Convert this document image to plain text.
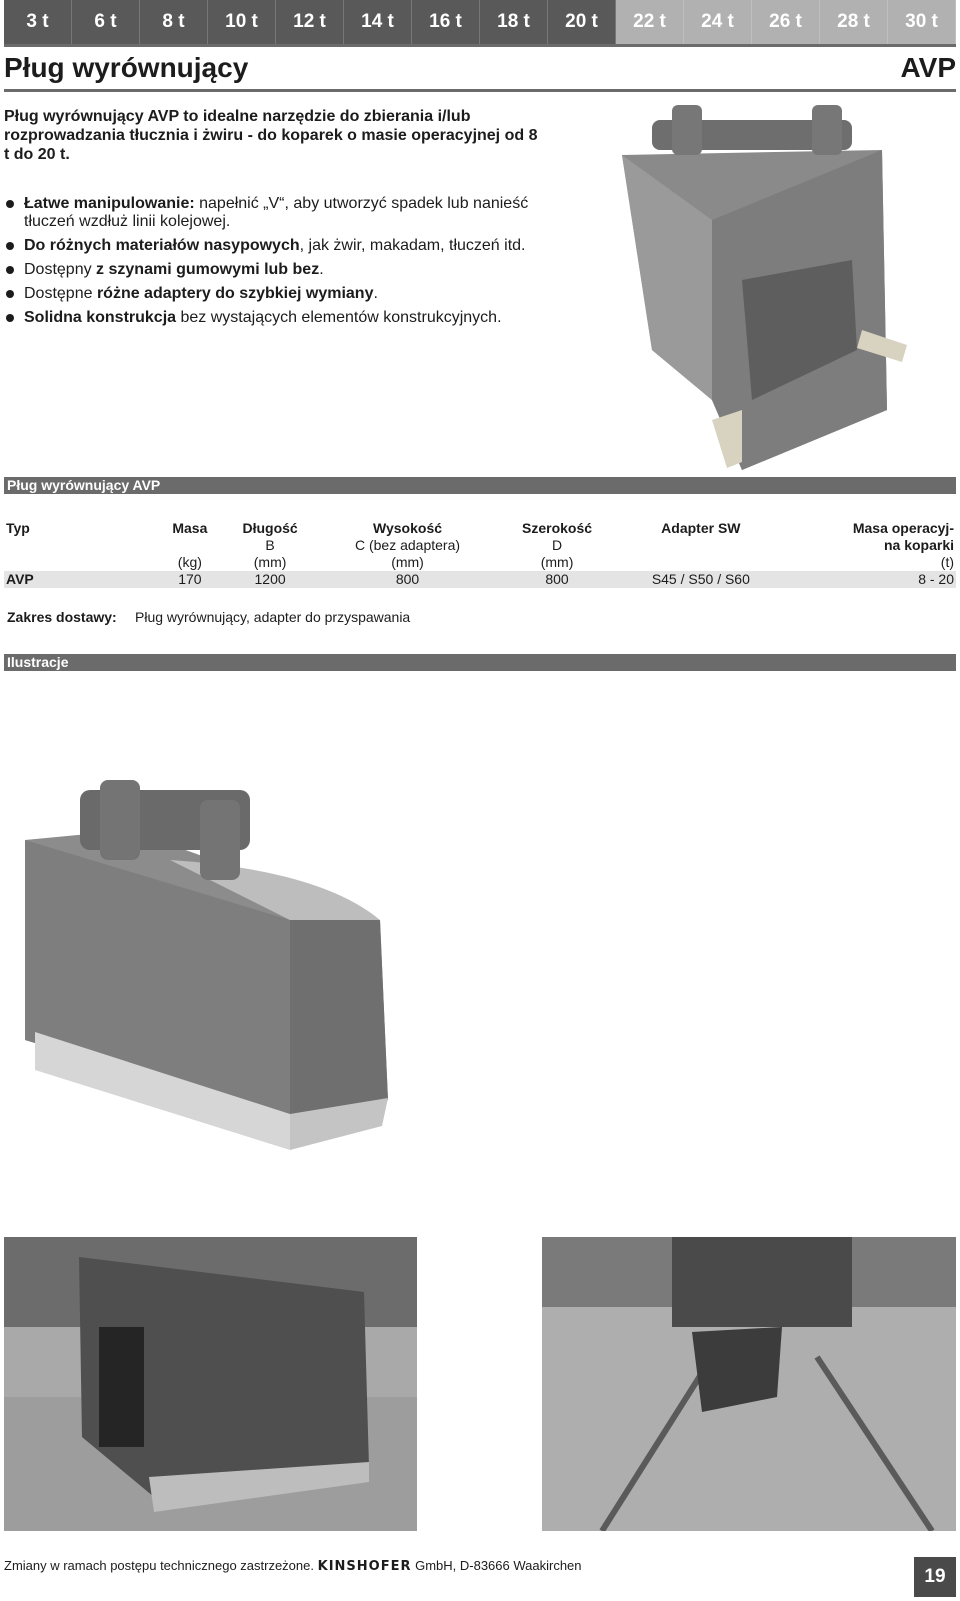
3 t	6 t	8 t	10 t	12 t	14 t	16 t	18 t	20 t	22 t	24 t	26 t	28 t	30 t
Pług wyrównujący	AVP
Pług wyrównujący AVP to idealne narzędzie do zbierania i/lub rozprowadzania tłucznia i żwiru - do koparek o masie operacyjnej od 8 t do 20 t.
Łatwe manipulowanie: napełnić „V“, aby utworzyć spadek lub nanieść tłuczeń wzdłuż linii kolejowej.
Do różnych materiałów nasypowych, jak żwir, makadam, tłuczeń itd.
Dostępny z szynami gumowymi lub bez.
Dostępne różne adaptery do szybkiej wymiany.
Solidna konstrukcja bez wystających elementów konstrukcyjnych.
Pług wyrównujący AVP
Typ	Masa	Długość	Wysokość	Szerokość	Adapter SW	Masa operacyj-
		B	C (bez adaptera)	D		na koparki
	(kg)	(mm)	(mm)	(mm)		(t)
AVP	170	1200	800	800	S45 / S50 / S60	8 - 20
Zakres dostawy: Pług wyrównujący, adapter do przyspawania
Ilustracje
Zmiany w ramach postępu technicznego zastrzeżone. KINSHOFER GmbH, D-83666 Waakirchen
19
